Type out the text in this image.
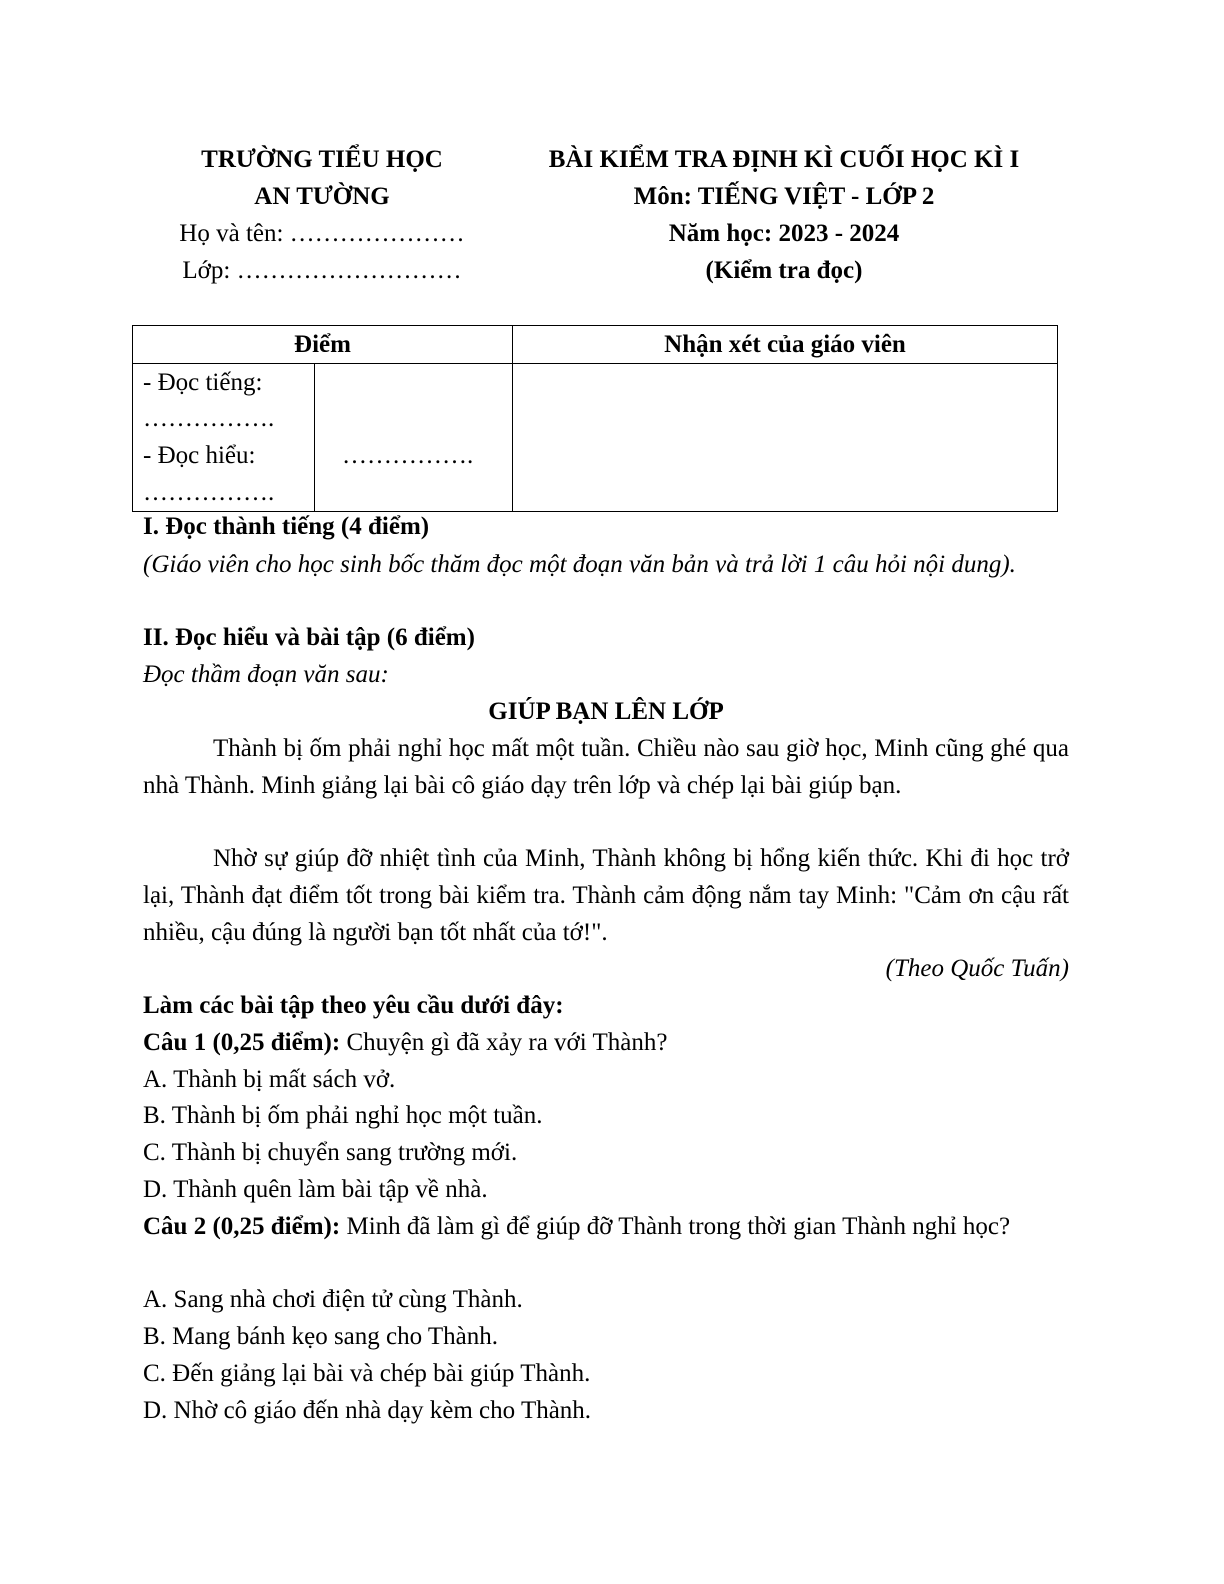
TRƯỜNG TIỂU HỌC
AN TƯỜNG
Họ và tên: …………………
Lớp: ………………………
BÀI KIỂM TRA ĐỊNH KÌ CUỐI HỌC KÌ I
Môn: TIẾNG VIỆT - LỚP 2
Năm học: 2023 - 2024
(Kiểm tra đọc)
Điểm		Nhận xét của giáo viên

- Đọc tiếng:
…………….
- Đọc hiểu:
…………….	…………….	

I. Đọc thành tiếng (4 điểm)
(Giáo viên cho học sinh bốc thăm đọc một đoạn văn bản và trả lời 1 câu hỏi nội dung).
II. Đọc hiểu và bài tập (6 điểm)
Đọc thầm đoạn văn sau:
GIÚP BẠN LÊN LỚP
Thành bị ốm phải nghỉ học mất một tuần. Chiều nào sau giờ học, Minh cũng ghé qua nhà Thành. Minh giảng lại bài cô giáo dạy trên lớp và chép lại bài giúp bạn.
Nhờ sự giúp đỡ nhiệt tình của Minh, Thành không bị hổng kiến thức. Khi đi học trở lại, Thành đạt điểm tốt trong bài kiểm tra. Thành cảm động nắm tay Minh: "Cảm ơn cậu rất nhiều, cậu đúng là người bạn tốt nhất của tớ!".
(Theo Quốc Tuấn)
Làm các bài tập theo yêu cầu dưới đây:
Câu 1 (0,25 điểm): Chuyện gì đã xảy ra với Thành?
A. Thành bị mất sách vở.
B. Thành bị ốm phải nghỉ học một tuần.
C. Thành bị chuyển sang trường mới.
D. Thành quên làm bài tập về nhà.
Câu 2 (0,25 điểm): Minh đã làm gì để giúp đỡ Thành trong thời gian Thành nghỉ học?
A. Sang nhà chơi điện tử cùng Thành.
B. Mang bánh kẹo sang cho Thành.
C. Đến giảng lại bài và chép bài giúp Thành.
D. Nhờ cô giáo đến nhà dạy kèm cho Thành.
